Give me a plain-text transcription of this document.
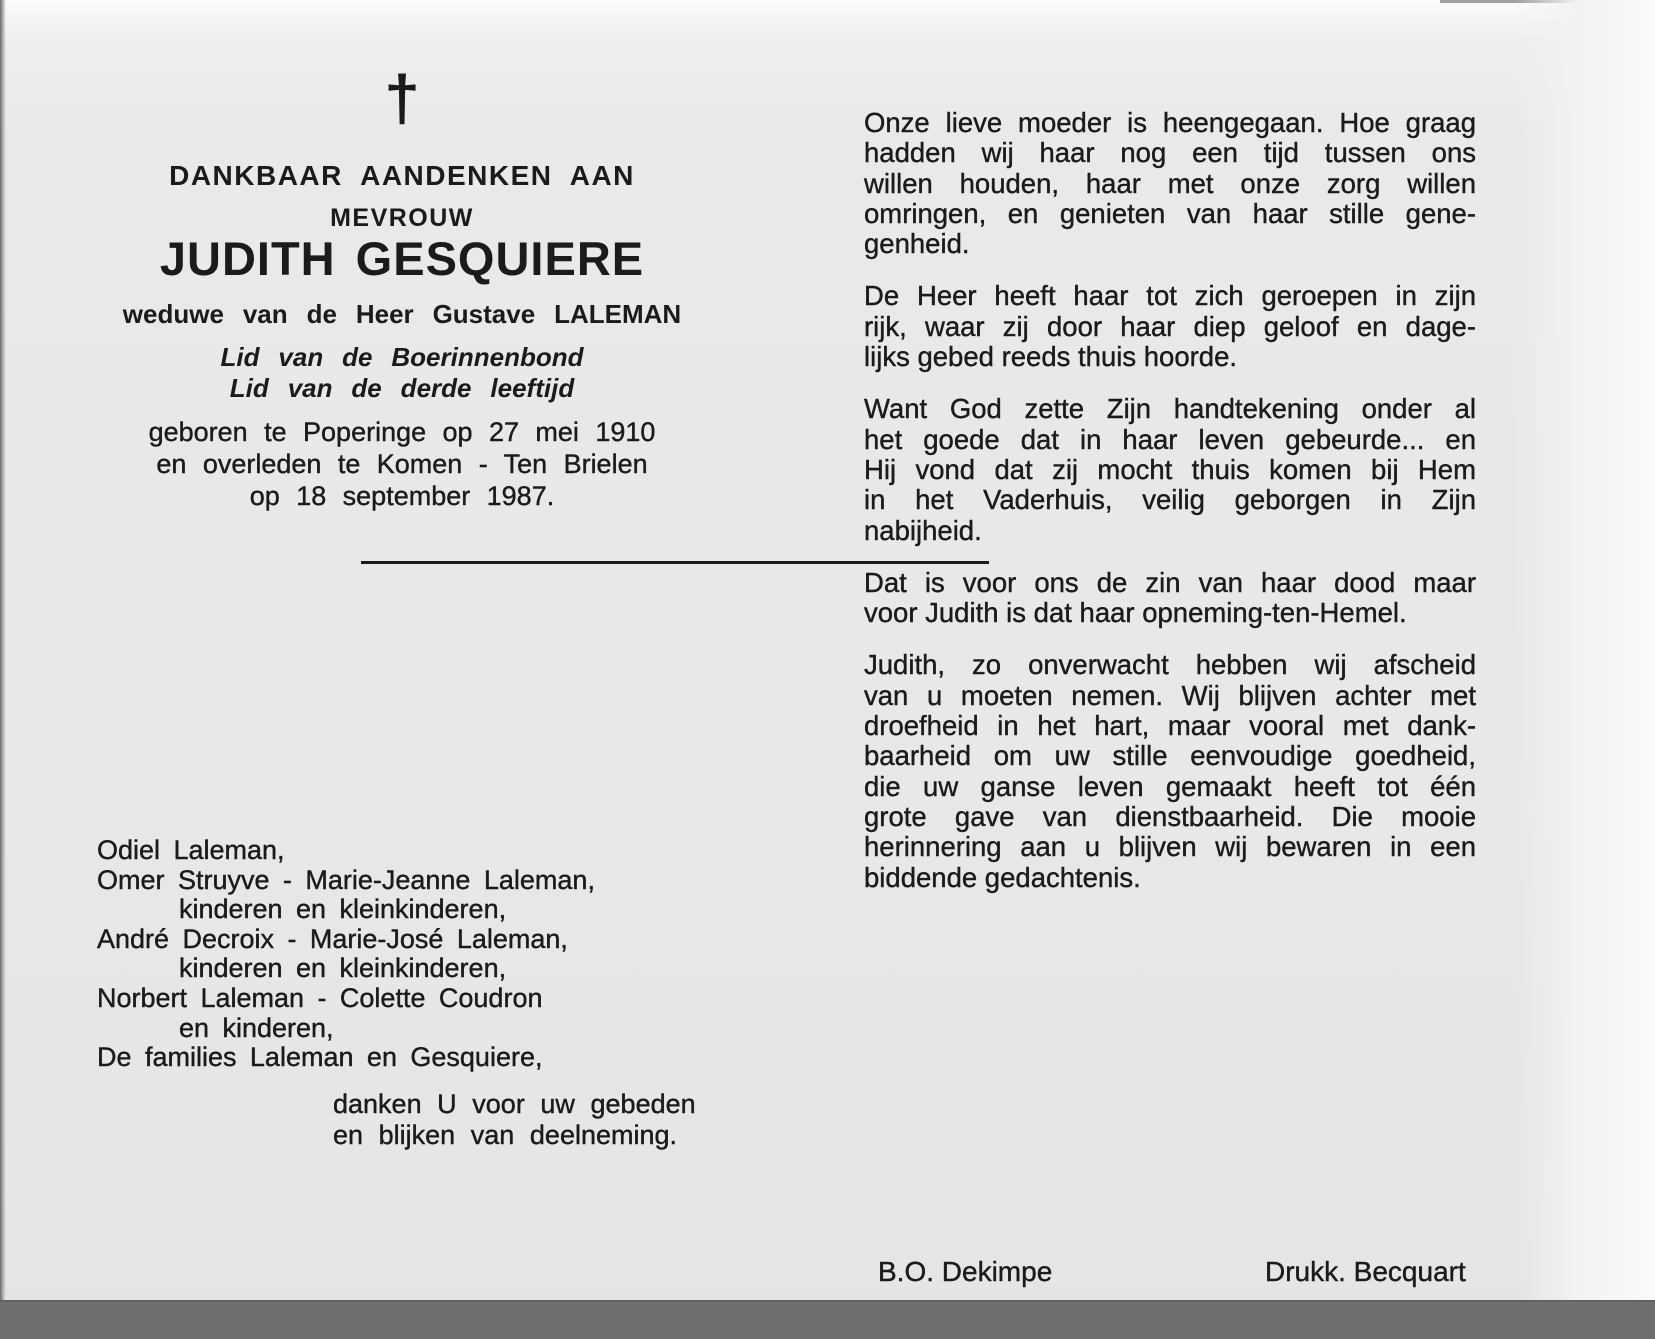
†
DANKBAAR AANDENKEN AAN
MEVROUW
JUDITH GESQUIERE
weduwe van de Heer Gustave LALEMAN
Lid van de Boerinnenbond
Lid van de derde leeftijd
geboren te Poperinge op 27 mei 1910
en overleden te Komen - Ten Brielen
op 18 september 1987.
Odiel Laleman,
Omer Struyve - Marie-Jeanne Laleman,
kinderen en kleinkinderen,
André Decroix - Marie-José Laleman,
kinderen en kleinkinderen,
Norbert Laleman - Colette Coudron
en kinderen,
De families Laleman en Gesquiere,
danken U voor uw gebeden
en blijken van deelneming.
Onze lieve moeder is heengegaan. Hoe graag
hadden wij haar nog een tijd tussen ons
willen houden, haar met onze zorg willen
omringen, en genieten van haar stille gene-
genheid.
De Heer heeft haar tot zich geroepen in zijn
rijk, waar zij door haar diep geloof en dage-
lijks gebed reeds thuis hoorde.
Want God zette Zijn handtekening onder al
het goede dat in haar leven gebeurde... en
Hij vond dat zij mocht thuis komen bij Hem
in het Vaderhuis, veilig geborgen in Zijn
nabijheid.
Dat is voor ons de zin van haar dood maar
voor Judith is dat haar opneming-ten-Hemel.
Judith, zo onverwacht hebben wij afscheid
van u moeten nemen. Wij blijven achter met
droefheid in het hart, maar vooral met dank-
baarheid om uw stille eenvoudige goedheid,
die uw ganse leven gemaakt heeft tot één
grote gave van dienstbaarheid. Die mooie
herinnering aan u blijven wij bewaren in een
biddende gedachtenis.
B.O. Dekimpe	Drukk. Becquart
